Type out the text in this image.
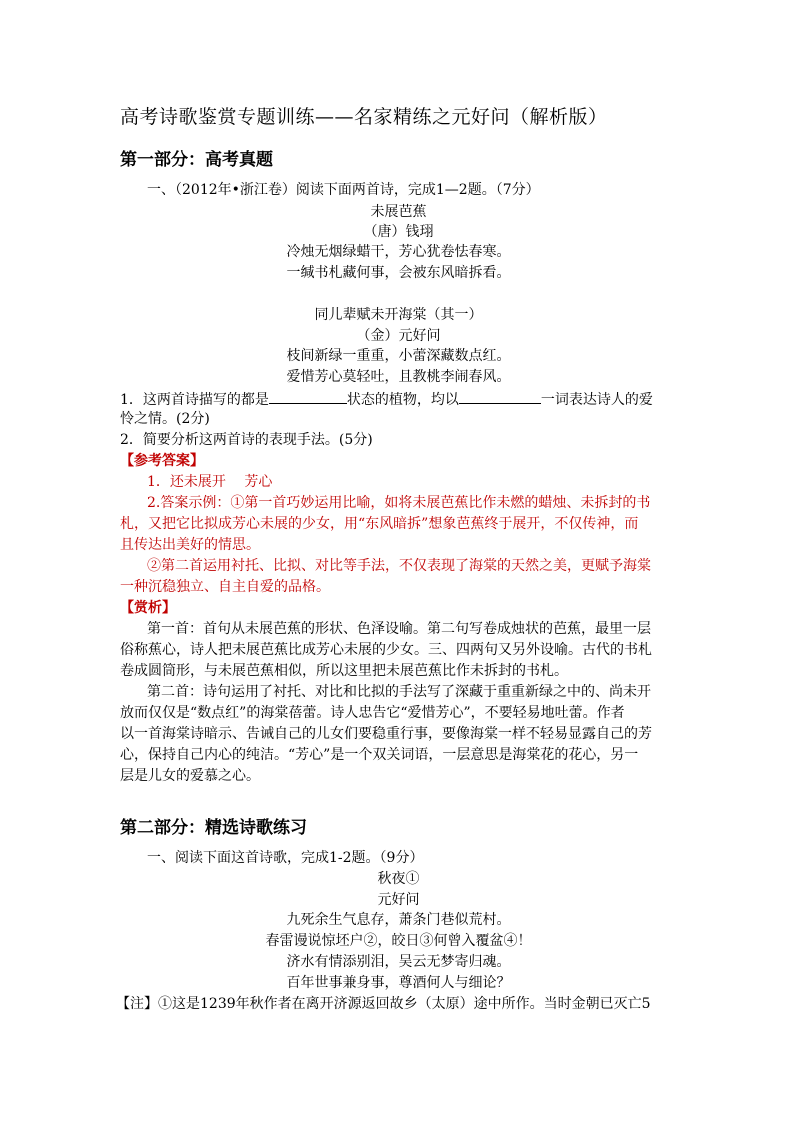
高考诗歌鉴赏专题训练——名家精练之元好问（解析版）
第一部分：高考真题
一、（2012年•浙江卷）阅读下面两首诗，完成1—2题。（7分）
未展芭蕉
（唐）钱珝
冷烛无烟绿蜡干，芳心犹卷怯春寒。
一缄书札藏何事，会被东风暗拆看。
同儿辈赋未开海棠（其一）
（金）元好问
枝间新绿一重重，小蕾深藏数点红。
爱惜芳心莫轻吐，且教桃李闹春风。
1．这两首诗描写的都是	状态的植物，均以	一词表达诗人的爱
怜之情。(2分)
2．简要分析这两首诗的表现手法。(5分)
【参考答案】
1．还未展开　 芳心
2.答案示例：①第一首巧妙运用比喻，如将未展芭蕉比作未燃的蜡烛、未拆封的书
札，又把它比拟成芳心未展的少女，用“东风暗拆”想象芭蕉终于展开，不仅传神，而
且传达出美好的情思。
②第二首运用衬托、比拟、对比等手法，不仅表现了海棠的天然之美，更赋予海棠
一种沉稳独立、自主自爱的品格。
【赏析】
第一首：首句从未展芭蕉的形状、色泽设喻。第二句写卷成烛状的芭蕉，最里一层
俗称蕉心，诗人把未展芭蕉比成芳心未展的少女。三、四两句又另外设喻。古代的书札
卷成圆筒形，与未展芭蕉相似，所以这里把未展芭蕉比作未拆封的书札。
第二首：诗句运用了衬托、对比和比拟的手法写了深藏于重重新绿之中的、尚未开
放而仅仅是“数点红”的海棠蓓蕾。诗人忠告它“爱惜芳心”，不要轻易地吐蕾。作者
以一首海棠诗暗示、告诫自己的儿女们要稳重行事，要像海棠一样不轻易显露自己的芳
心，保持自己内心的纯洁。“芳心”是一个双关词语，一层意思是海棠花的花心，另一
层是儿女的爱慕之心。
第二部分：精选诗歌练习
一、阅读下面这首诗歌，完成1-2题。（9分）
秋夜①
元好问
九死余生气息存，萧条门巷似荒村。
春雷谩说惊坯户②，皎日③何曾入覆盆④！
济水有情添别泪，吴云无梦寄归魂。
百年世事兼身事，尊酒何人与细论？
【注】①这是1239年秋作者在离开济源返回故乡（太原）途中所作。当时金朝已灭亡5
